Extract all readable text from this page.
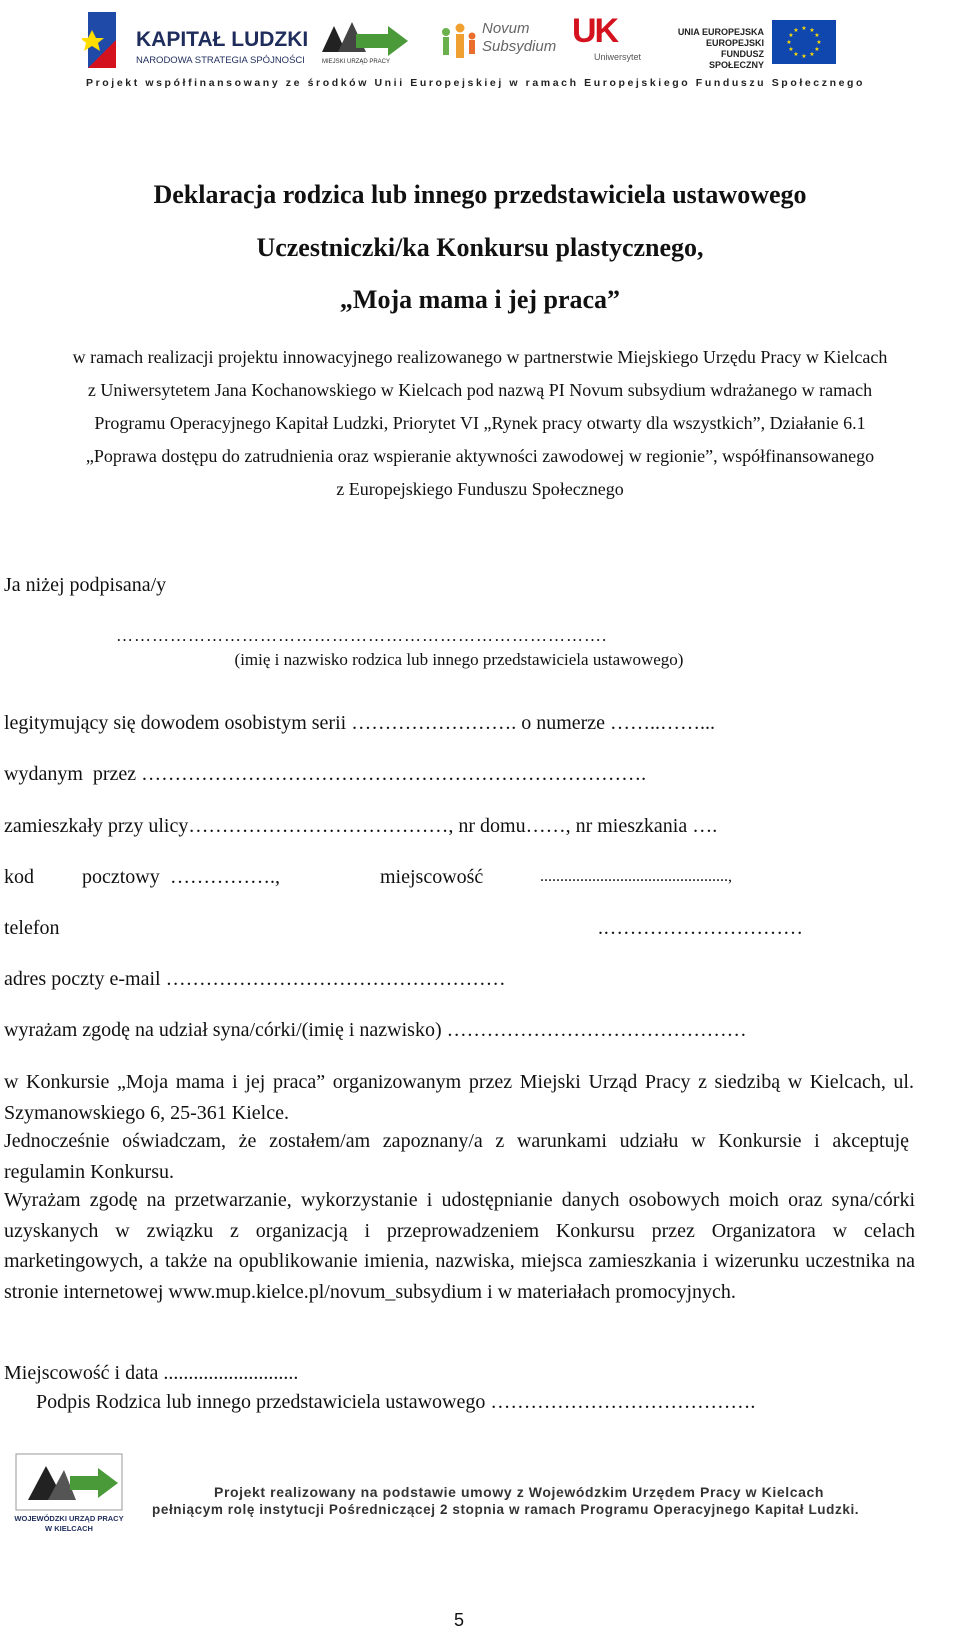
KAPITAŁ LUDZKI
NARODOWA STRATEGIA SPÓJNOŚCI	MIEJSKI URZĄD PRACY
Novum
Subsydium UK
Uniwersytet
UNIA EUROPEJSKA
EUROPEJSKI
FUNDUSZ SPOŁECZNY
★ ★
★
★
★
★
★
★
★
★
★
★
Projekt współfinansowany ze środków Unii Europejskiej w ramach Europejskiego Funduszu Społecznego
Deklaracja rodzica lub innego przedstawiciela ustawowego
Uczestniczki/ka Konkursu plastycznego,
„Moja mama i jej praca”
w ramach realizacji projektu innowacyjnego realizowanego w partnerstwie Miejskiego Urzędu Pracy w Kielcach
z Uniwersytetem Jana Kochanowskiego w Kielcach pod nazwą PI Novum subsydium wdrażanego w ramach
Programu Operacyjnego Kapitał Ludzki, Priorytet VI „Rynek pracy otwarty dla wszystkich”, Działanie 6.1
„Poprawa dostępu do zatrudnienia oraz wspieranie aktywności zawodowej w regionie”, współfinansowanego
z Europejskiego Funduszu Społecznego
Ja niżej podpisana/y
……………………………………………………………………….
(imię i nazwisko rodzica lub innego przedstawiciela ustawowego)
legitymujący się dowodem osobistym serii ……………………. o numerze ……..……...
wydanym  przez ………………………………………………………………….
zamieszkały przy ulicy…………………………………, nr domu……, nr mieszkania ….
kod pocztowy …………….,	miejscowość	...............................................,
telefon	.…………………………
adres poczty e-mail ……………………………………………
wyrażam zgodę na udział syna/córki/(imię i nazwisko) ………………………………………
w Konkursie „Moja mama i jej praca” organizowanym przez Miejski Urząd Pracy z siedzibą w Kielcach, ul. Szymanowskiego 6, 25-361 Kielce.
Jednocześnie oświadczam, że zostałem/am zapoznany/a z warunkami udziału w Konkursie i akceptuję regulamin Konkursu.
Wyrażam zgodę na przetwarzanie, wykorzystanie i udostępnianie danych osobowych moich oraz syna/córki uzyskanych w związku z organizacją i przeprowadzeniem Konkursu przez Organizatora w celach marketingowych, a także na opublikowanie imienia, nazwiska, miejsca zamieszkania i wizerunku uczestnika na stronie internetowej www.mup.kielce.pl/novum_subsydium i w materiałach promocyjnych.
Miejscowość i data ...........................
Podpis Rodzica lub innego przedstawiciela ustawowego ………………………………….
WOJEWÓDZKI URZĄD PRACY
W KIELCACH
Projekt realizowany na podstawie umowy z Wojewódzkim Urzędem Pracy w Kielcach
pełniącym rolę instytucji Pośredniczącej 2 stopnia w ramach Programu Operacyjnego Kapitał Ludzki.
5
